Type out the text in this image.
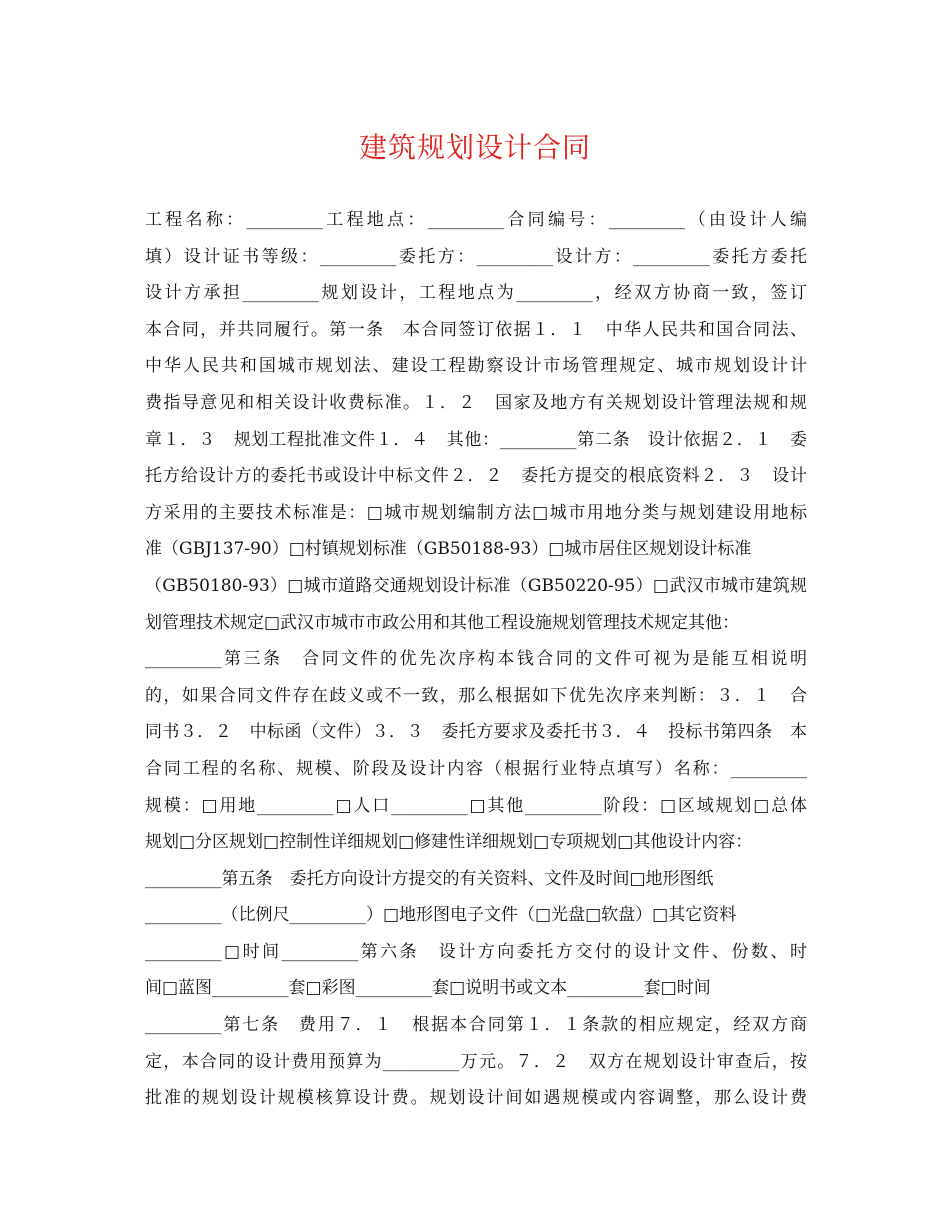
建筑规划设计合同
工程名称：_________工程地点：_________合同编号：_________（由设计人编
填）设计证书等级：_________委托方：_________设计方：_________委托方委托
设计方承担_________规划设计，工程地点为_________，经双方协商一致，签订
本合同，并共同履行。第一条　本合同签订依据１．１　中华人民共和国合同法、
中华人民共和国城市规划法、建设工程勘察设计市场管理规定、城市规划设计计
费指导意见和相关设计收费标准。１．２　国家及地方有关规划设计管理法规和规
章１．３　规划工程批准文件１．４　其他：_________第二条　设计依据２．１　委
托方给设计方的委托书或设计中标文件２．２　委托方提交的根底资料２．３　设计
方采用的主要技术标准是：□城市规划编制方法□城市用地分类与规划建设用地标
准（GBJ137-90）□村镇规划标准（GB50188-93）□城市居住区规划设计标准
（GB50180-93）□城市道路交通规划设计标准（GB50220-95）□武汉市城市建筑规
划管理技术规定□武汉市城市市政公用和其他工程设施规划管理技术规定其他：
_________第三条　合同文件的优先次序构本钱合同的文件可视为是能互相说明
的，如果合同文件存在歧义或不一致，那么根据如下优先次序来判断：３．１　合
同书３．２　中标函（文件）３．３　委托方要求及委托书３．４　投标书第四条　本
合同工程的名称、规模、阶段及设计内容（根据行业特点填写）名称：_________
规模：□用地_________□人口_________□其他_________阶段：□区域规划□总体
规划□分区规划□控制性详细规划□修建性详细规划□专项规划□其他设计内容：
_________第五条　委托方向设计方提交的有关资料、文件及时间□地形图纸
_________（比例尺_________）□地形图电子文件（□光盘□软盘）□其它资料
_________□时间_________第六条　设计方向委托方交付的设计文件、份数、时
间□蓝图_________套□彩图_________套□说明书或文本_________套□时间
_________第七条　费用７．１　根据本合同第１．１条款的相应规定，经双方商
定，本合同的设计费用预算为_________万元。７．２　双方在规划设计审查后，按
批准的规划设计规模核算设计费。规划设计间如遇规模或内容调整，那么设计费
